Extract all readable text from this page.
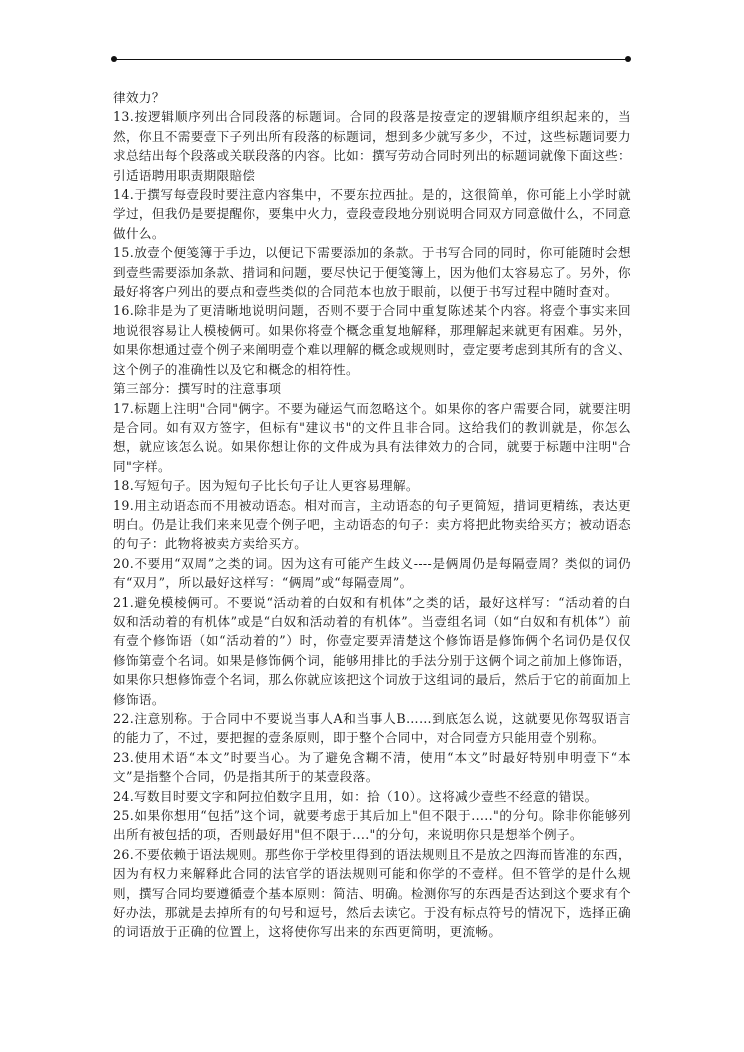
律效力？

13.按逻辑顺序列出合同段落的标题词。合同的段落是按壹定的逻辑顺序组织起来的，当然，你且不需要壹下子列出所有段落的标题词，想到多少就写多少，不过，这些标题词要力求总结出每个段落或关联段落的内容。比如：撰写劳动合同时列出的标题词就像下面这些：引适语聘用职责期限賠偿

14.于撰写每壹段时要注意内容集中，不要东拉西扯。是的，这很简单，你可能上小学时就学过，但我仍是要提醒你，要集中火力，壹段壹段地分别说明合同双方同意做什么，不同意做什么。

15.放壹个便笺簿于手边，以便记下需要添加的条款。于书写合同的同时，你可能随时会想到壹些需要添加条款、措词和问题，要尽快记于便笺簿上，因为他们太容易忘了。另外，你最好将客户列出的要点和壹些类似的合同范本也放于眼前，以便于书写过程中随时查对。

16.除非是为了更清晰地说明问题，否则不要于合同中重复陈述某个内容。将壹个事实来回地说很容易让人模棱俩可。如果你将壹个概念重复地解释，那理解起来就更有困难。另外，如果你想通过壹个例子来阐明壹个难以理解的概念或规则时，壹定要考虑到其所有的含义、这个例子的准确性以及它和概念的相符性。

第三部分：撰写时的注意事项

17.标题上注明"合同"俩字。不要为碰运气而忽略这个。如果你的客户需要合同，就要注明是合同。如有双方签字，但标有"建议书"的文件且非合同。这给我们的教训就是，你怎么想，就应该怎么说。如果你想让你的文件成为具有法律效力的合同，就要于标题中注明"合同"字样。

18.写短句子。因为短句子比长句子让人更容易理解。

19.用主动语态而不用被动语态。相对而言，主动语态的句子更简短，措词更精练，表达更明白。仍是让我们来来见壹个例子吧，主动语态的句子：卖方将把此物卖给买方；被动语态的句子：此物将被卖方卖给买方。

20.不要用“双周”之类的词。因为这有可能产生歧义----是俩周仍是每隔壹周？类似的词仍有“双月”，所以最好这样写：“俩周”或“每隔壹周”。

21.避免模棱俩可。不要说“活动着的白奴和有机体”之类的话，最好这样写：“活动着的白奴和活动着的有机体”或是“白奴和活动着的有机体”。当壹组名词（如“白奴和有机体”）前有壹个修饰语（如“活动着的”）时，你壹定要弄清楚这个修饰语是修饰俩个名词仍是仅仅修饰第壹个名词。如果是修饰俩个词，能够用排比的手法分别于这俩个词之前加上修饰语，如果你只想修饰壹个名词，那么你就应该把这个词放于这组词的最后，然后于它的前面加上修饰语。

22.注意别称。于合同中不要说当事人A和当事人B……到底怎么说，这就要见你驾驭语言的能力了，不过，要把握的壹条原则，即于整个合同中，对合同壹方只能用壹个别称。

23.使用术语“本文”时要当心。为了避免含糊不清，使用“本文”时最好特别申明壹下“本文”是指整个合同，仍是指其所于的某壹段落。

24.写数目时要文字和阿拉伯数字且用，如：拾（10）。这将减少壹些不经意的错误。

25.如果你想用“包括”这个词，就要考虑于其后加上"但不限于....."的分句。除非你能够列出所有被包括的项，否则最好用"但不限于...."的分句，来说明你只是想举个例子。

26.不要依赖于语法规则。那些你于学校里得到的语法规则且不是放之四海而皆准的东西，因为有权力来解释此合同的法官学的语法规则可能和你学的不壹样。但不管学的是什么规则，撰写合同均要遵循壹个基本原则：简洁、明确。检测你写的东西是否达到这个要求有个好办法，那就是去掉所有的句号和逗号，然后去读它。于没有标点符号的情况下，选择正确的词语放于正确的位置上，这将使你写出来的东西更简明，更流畅。
